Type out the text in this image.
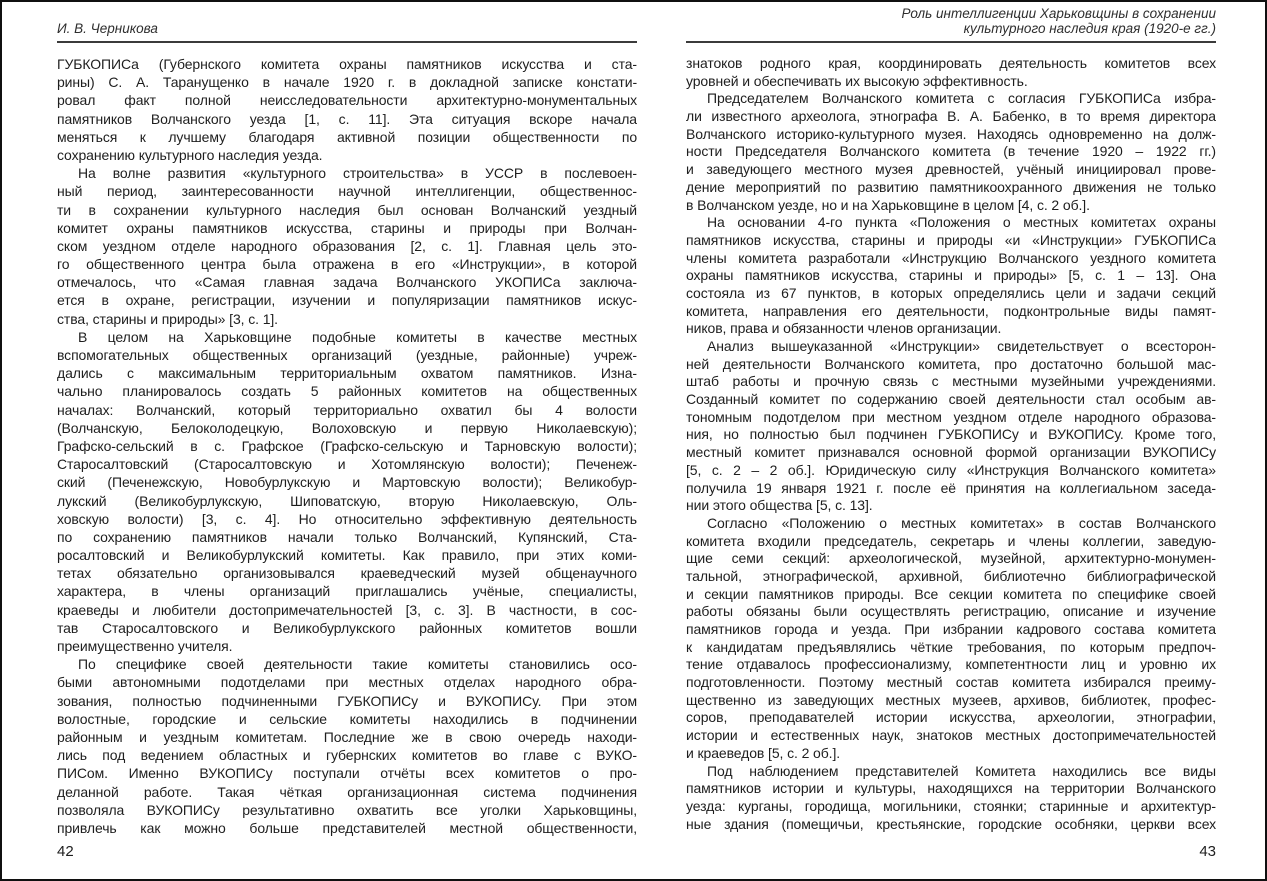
И. В. Черникова
ГУБКОПИСа (Губернского комитета охраны памятников искусства и ста-
рины) С. А. Таранущенко в начале 1920 г. в докладной записке констати-
ровал факт полной неисследовательности архитектурно-монументальных
памятников Волчанского уезда [1, с. 11]. Эта ситуация вскоре начала
меняться к лучшему благодаря активной позиции общественности по
сохранению культурного наследия уезда.
На волне развития «культурного строительства» в УССР в послевоен-
ный период, заинтересованности научной интеллигенции, общественнос-
ти в сохранении культурного наследия был основан Волчанский уездный
комитет охраны памятников искусства, старины и природы при Волчан-
ском уездном отделе народного образования [2, с. 1]. Главная цель это-
го общественного центра была отражена в его «Инструкции», в которой
отмечалось, что «Самая главная задача Волчанского УКОПИСа заключа-
ется в охране, регистрации, изучении и популяризации памятников искус-
ства, старины и природы» [3, с. 1].
В целом на Харьковщине подобные комитеты в качестве местных
вспомогательных общественных организаций (уездные, районные) учреж-
дались с максимальным территориальным охватом памятников. Изна-
чально планировалось создать 5 районных комитетов на общественных
началах: Волчанский, который территориально охватил бы 4 волости
(Волчанскую, Белоколодецкую, Волоховскую и первую Николаевскую);
Графско-сельский в с. Графское (Графско-сельскую и Тарновскую волости);
Старосалтовский (Старосалтовскую и Хотомлянскую волости); Печенеж-
ский (Печенежскую, Новобурлукскую и Мартовскую волости); Великобур-
лукский (Великобурлукскую, Шиповатскую, вторую Николаевскую, Оль-
ховскую волости) [3, с. 4]. Но относительно эффективную деятельность
по сохранению памятников начали только Волчанский, Купянский, Ста-
росалтовский и Великобурлукский комитеты. Как правило, при этих коми-
тетах обязательно организовывался краеведческий музей общенаучного
характера, в члены организаций приглашались учёные, специалисты,
краеведы и любители достопримечательностей [3, с. 3]. В частности, в сос-
тав Старосалтовского и Великобурлукского районных комитетов вошли
преимущественно учителя.
По специфике своей деятельности такие комитеты становились осо-
быми автономными подотделами при местных отделах народного обра-
зования, полностью подчиненными ГУБКОПИСу и ВУКОПИСу. При этом
волостные, городские и сельские комитеты находились в подчинении
районным и уездным комитетам. Последние же в свою очередь находи-
лись под ведением областных и губернских комитетов во главе с ВУКО-
ПИСом. Именно ВУКОПИСу поступали отчёты всех комитетов о про-
деланной работе. Такая чёткая организационная система подчинения
позволяла ВУКОПИСу результативно охватить все уголки Харьковщины,
привлечь как можно больше представителей местной общественности,
42
Роль интеллигенции Харьковщины в сохранении
культурного наследия края (1920-е гг.)
знатоков родного края, координировать деятельность комитетов всех
уровней и обеспечивать их высокую эффективность.
Председателем Волчанского комитета с согласия ГУБКОПИСа избра-
ли известного археолога, этнографа В. А. Бабенко, в то время директора
Волчанского историко-культурного музея. Находясь одновременно на долж-
ности Председателя Волчанского комитета (в течение 1920 – 1922 гг.)
и заведующего местного музея древностей, учёный инициировал прове-
дение мероприятий по развитию памятникоохранного движения не только
в Волчанском уезде, но и на Харьковщине в целом [4, с. 2 об.].
На основании 4-го пункта «Положения о местных комитетах охраны
памятников искусства, старины и природы «и «Инструкции» ГУБКОПИСа
члены комитета разработали «Инструкцию Волчанского уездного комитета
охраны памятников искусства, старины и природы» [5, с. 1 – 13]. Она
состояла из 67 пунктов, в которых определялись цели и задачи секций
комитета, направления его деятельности, подконтрольные виды памят-
ников, права и обязанности членов организации.
Анализ вышеуказанной «Инструкции» свидетельствует о всесторон-
ней деятельности Волчанского комитета, про достаточно большой мас-
штаб работы и прочную связь с местными музейными учреждениями.
Созданный комитет по содержанию своей деятельности стал особым ав-
тономным подотделом при местном уездном отделе народного образова-
ния, но полностью был подчинен ГУБКОПИСу и ВУКОПИСу. Кроме того,
местный комитет признавался основной формой организации ВУКОПИСу
[5, с. 2 – 2 об.]. Юридическую силу «Инструкция Волчанского комитета»
получила 19 января 1921 г. после её принятия на коллегиальном заседа-
нии этого общества [5, с. 13].
Согласно «Положению о местных комитетах» в состав Волчанского
комитета входили председатель, секретарь и члены коллегии, заведую-
щие семи секций: археологической, музейной, архитектурно-монумен-
тальной, этнографической, архивной, библиотечно библиографической
и секции памятников природы. Все секции комитета по специфике своей
работы обязаны были осуществлять регистрацию, описание и изучение
памятников города и уезда. При избрании кадрового состава комитета
к кандидатам предъявлялись чёткие требования, по которым предпоч-
тение отдавалось профессионализму, компетентности лиц и уровню их
подготовленности. Поэтому местный состав комитета избирался преиму-
щественно из заведующих местных музеев, архивов, библиотек, профес-
соров, преподавателей истории искусства, археологии, этнографии,
истории и естественных наук, знатоков местных достопримечательностей
и краеведов [5, с. 2 об.].
Под наблюдением представителей Комитета находились все виды
памятников истории и культуры, находящихся на территории Волчанского
уезда: курганы, городища, могильники, стоянки; старинные и архитектур-
ные здания (помещичьи, крестьянские, городские особняки, церкви всех
43
